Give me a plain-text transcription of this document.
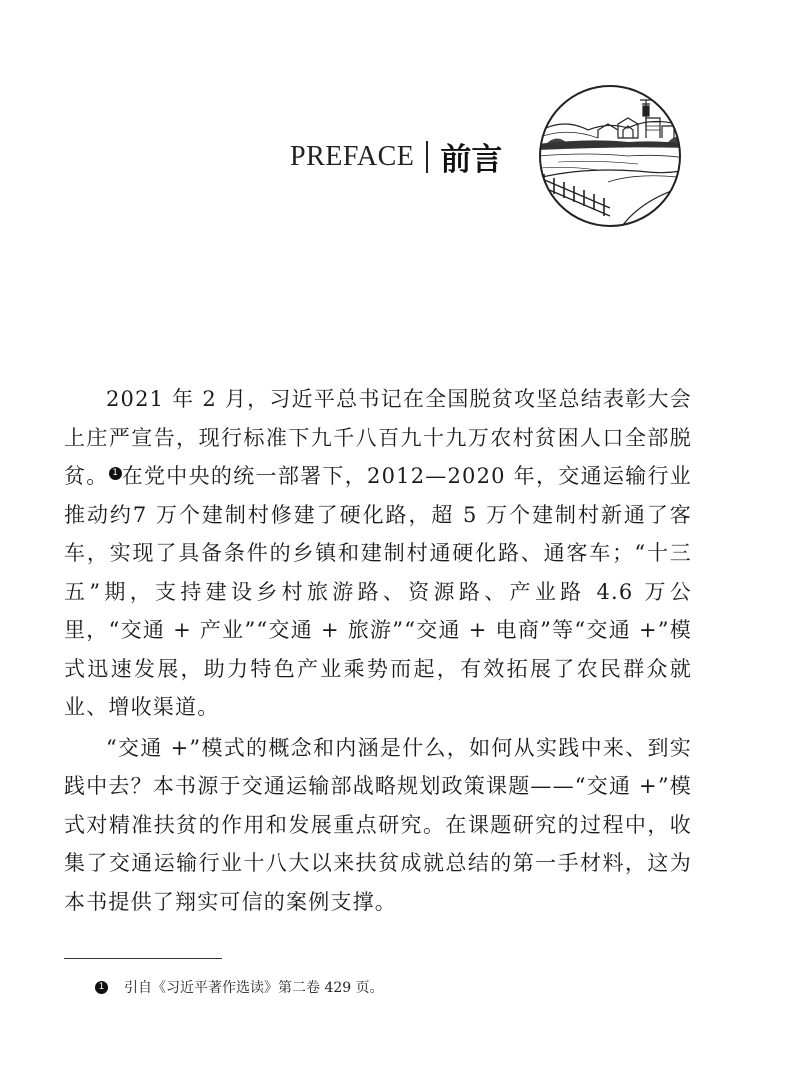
PREFACE 前言

2021 年 2 月，习近平总书记在全国脱贫攻坚总结表彰大会上庄严宣告，现行标准下九千八百九十九万农村贫困人口全部脱贫。 1 在党中央的统一部署下，2012—2020 年，交通运输行业推动约7 万个建制村修建了硬化路，超 5 万个建制村新通了客车，实现了具备条件的乡镇和建制村通硬化路、通客车；“十三五”期，支持建设乡村旅游路、资源路、产业路 4.6 万公里，“交通 + 产业”“交通 + 旅游”“交通 + 电商”等“交通 +”模式迅速发展，助力特色产业乘势而起，有效拓展了农民群众就业、增收渠道。

“交通 +”模式的概念和内涵是什么，如何从实践中来、到实践中去？本书源于交通运输部战略规划政策课题——“交通 +”模式对精准扶贫的作用和发展重点研究。在课题研究的过程中，收集了交通运输行业十八大以来扶贫成就总结的第一手材料，这为本书提供了翔实可信的案例支撑。

1 引自《习近平著作选读》第二卷 429 页。
